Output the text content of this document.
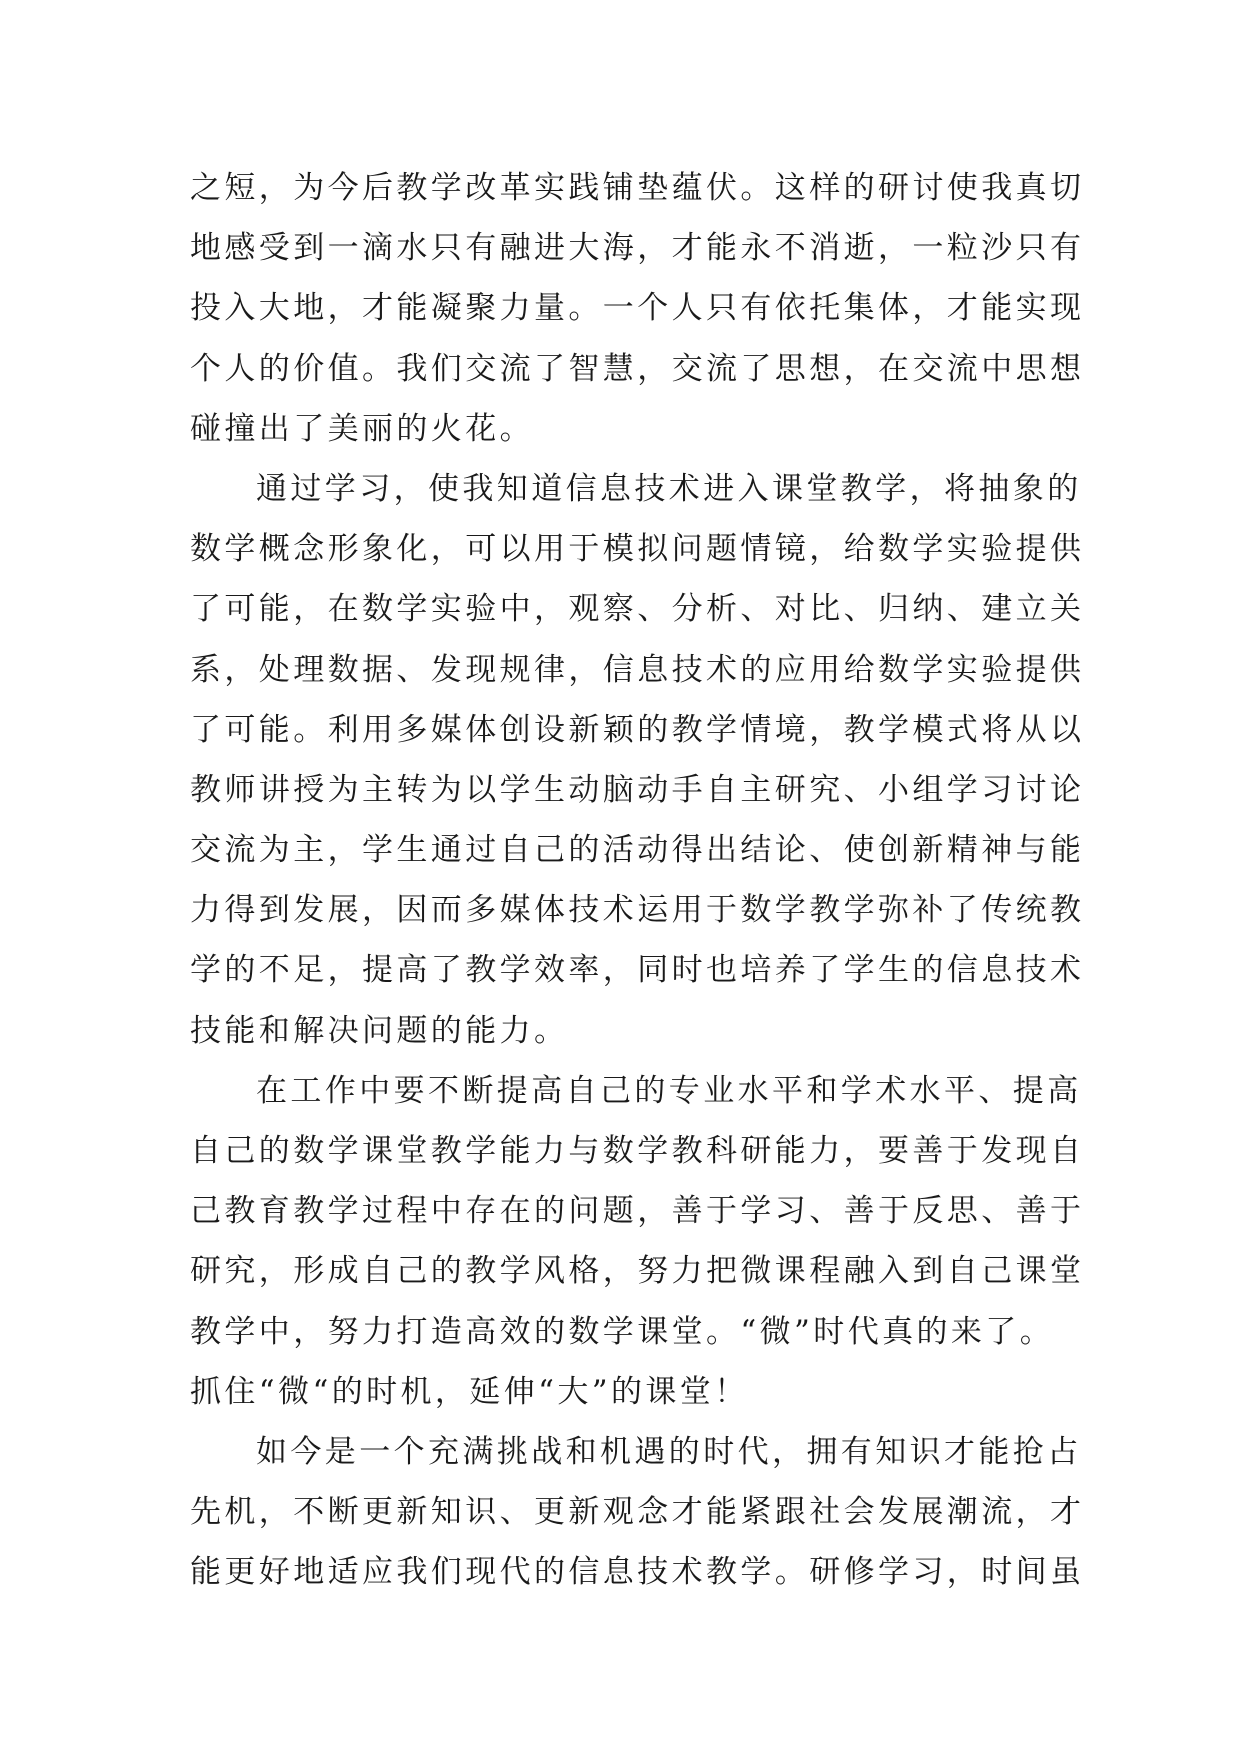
之短，为今后教学改革实践铺垫蕴伏。这样的研讨使我真切
地感受到一滴水只有融进大海，才能永不消逝，一粒沙只有
投入大地，才能凝聚力量。一个人只有依托集体，才能实现
个人的价值。我们交流了智慧，交流了思想，在交流中思想
碰撞出了美丽的火花。
通过学习，使我知道信息技术进入课堂教学，将抽象的
数学概念形象化，可以用于模拟问题情镜，给数学实验提供
了可能，在数学实验中，观察、分析、对比、归纳、建立关
系，处理数据、发现规律，信息技术的应用给数学实验提供
了可能。利用多媒体创设新颖的教学情境，教学模式将从以
教师讲授为主转为以学生动脑动手自主研究、小组学习讨论
交流为主，学生通过自己的活动得出结论、使创新精神与能
力得到发展，因而多媒体技术运用于数学教学弥补了传统教
学的不足，提高了教学效率，同时也培养了学生的信息技术
技能和解决问题的能力。
在工作中要不断提高自己的专业水平和学术水平、提高
自己的数学课堂教学能力与数学教科研能力，要善于发现自
己教育教学过程中存在的问题，善于学习、善于反思、善于
研究，形成自己的教学风格，努力把微课程融入到自己课堂
教学中，努力打造高效的数学课堂。“微”时代真的来了。
抓住“微“的时机，延伸“大”的课堂！
如今是一个充满挑战和机遇的时代，拥有知识才能抢占
先机，不断更新知识、更新观念才能紧跟社会发展潮流，才
能更好地适应我们现代的信息技术教学。研修学习，时间虽
